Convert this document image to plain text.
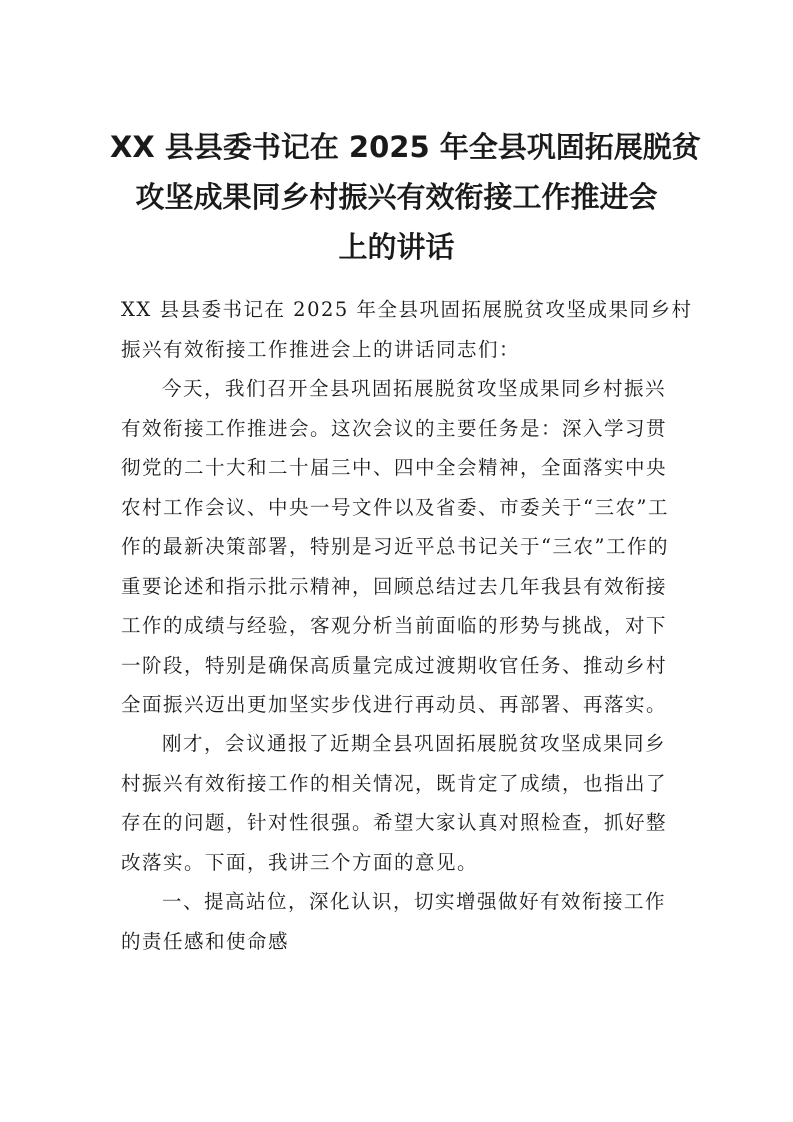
XX 县县委书记在 2025 年全县巩固拓展脱贫
攻坚成果同乡村振兴有效衔接工作推进会
上的讲话

XX 县县委书记在 2025 年全县巩固拓展脱贫攻坚成果同乡村
振兴有效衔接工作推进会上的讲话同志们：

今天，我们召开全县巩固拓展脱贫攻坚成果同乡村振兴
有效衔接工作推进会。这次会议的主要任务是：深入学习贯
彻党的二十大和二十届三中、四中全会精神，全面落实中央
农村工作会议、中央一号文件以及省委、市委关于“三农”工
作的最新决策部署，特别是习近平总书记关于“三农”工作的
重要论述和指示批示精神，回顾总结过去几年我县有效衔接
工作的成绩与经验，客观分析当前面临的形势与挑战，对下
一阶段，特别是确保高质量完成过渡期收官任务、推动乡村
全面振兴迈出更加坚实步伐进行再动员、再部署、再落实。

刚才，会议通报了近期全县巩固拓展脱贫攻坚成果同乡
村振兴有效衔接工作的相关情况，既肯定了成绩，也指出了
存在的问题，针对性很强。希望大家认真对照检查，抓好整
改落实。下面，我讲三个方面的意见。

一、提高站位，深化认识，切实增强做好有效衔接工作
的责任感和使命感
